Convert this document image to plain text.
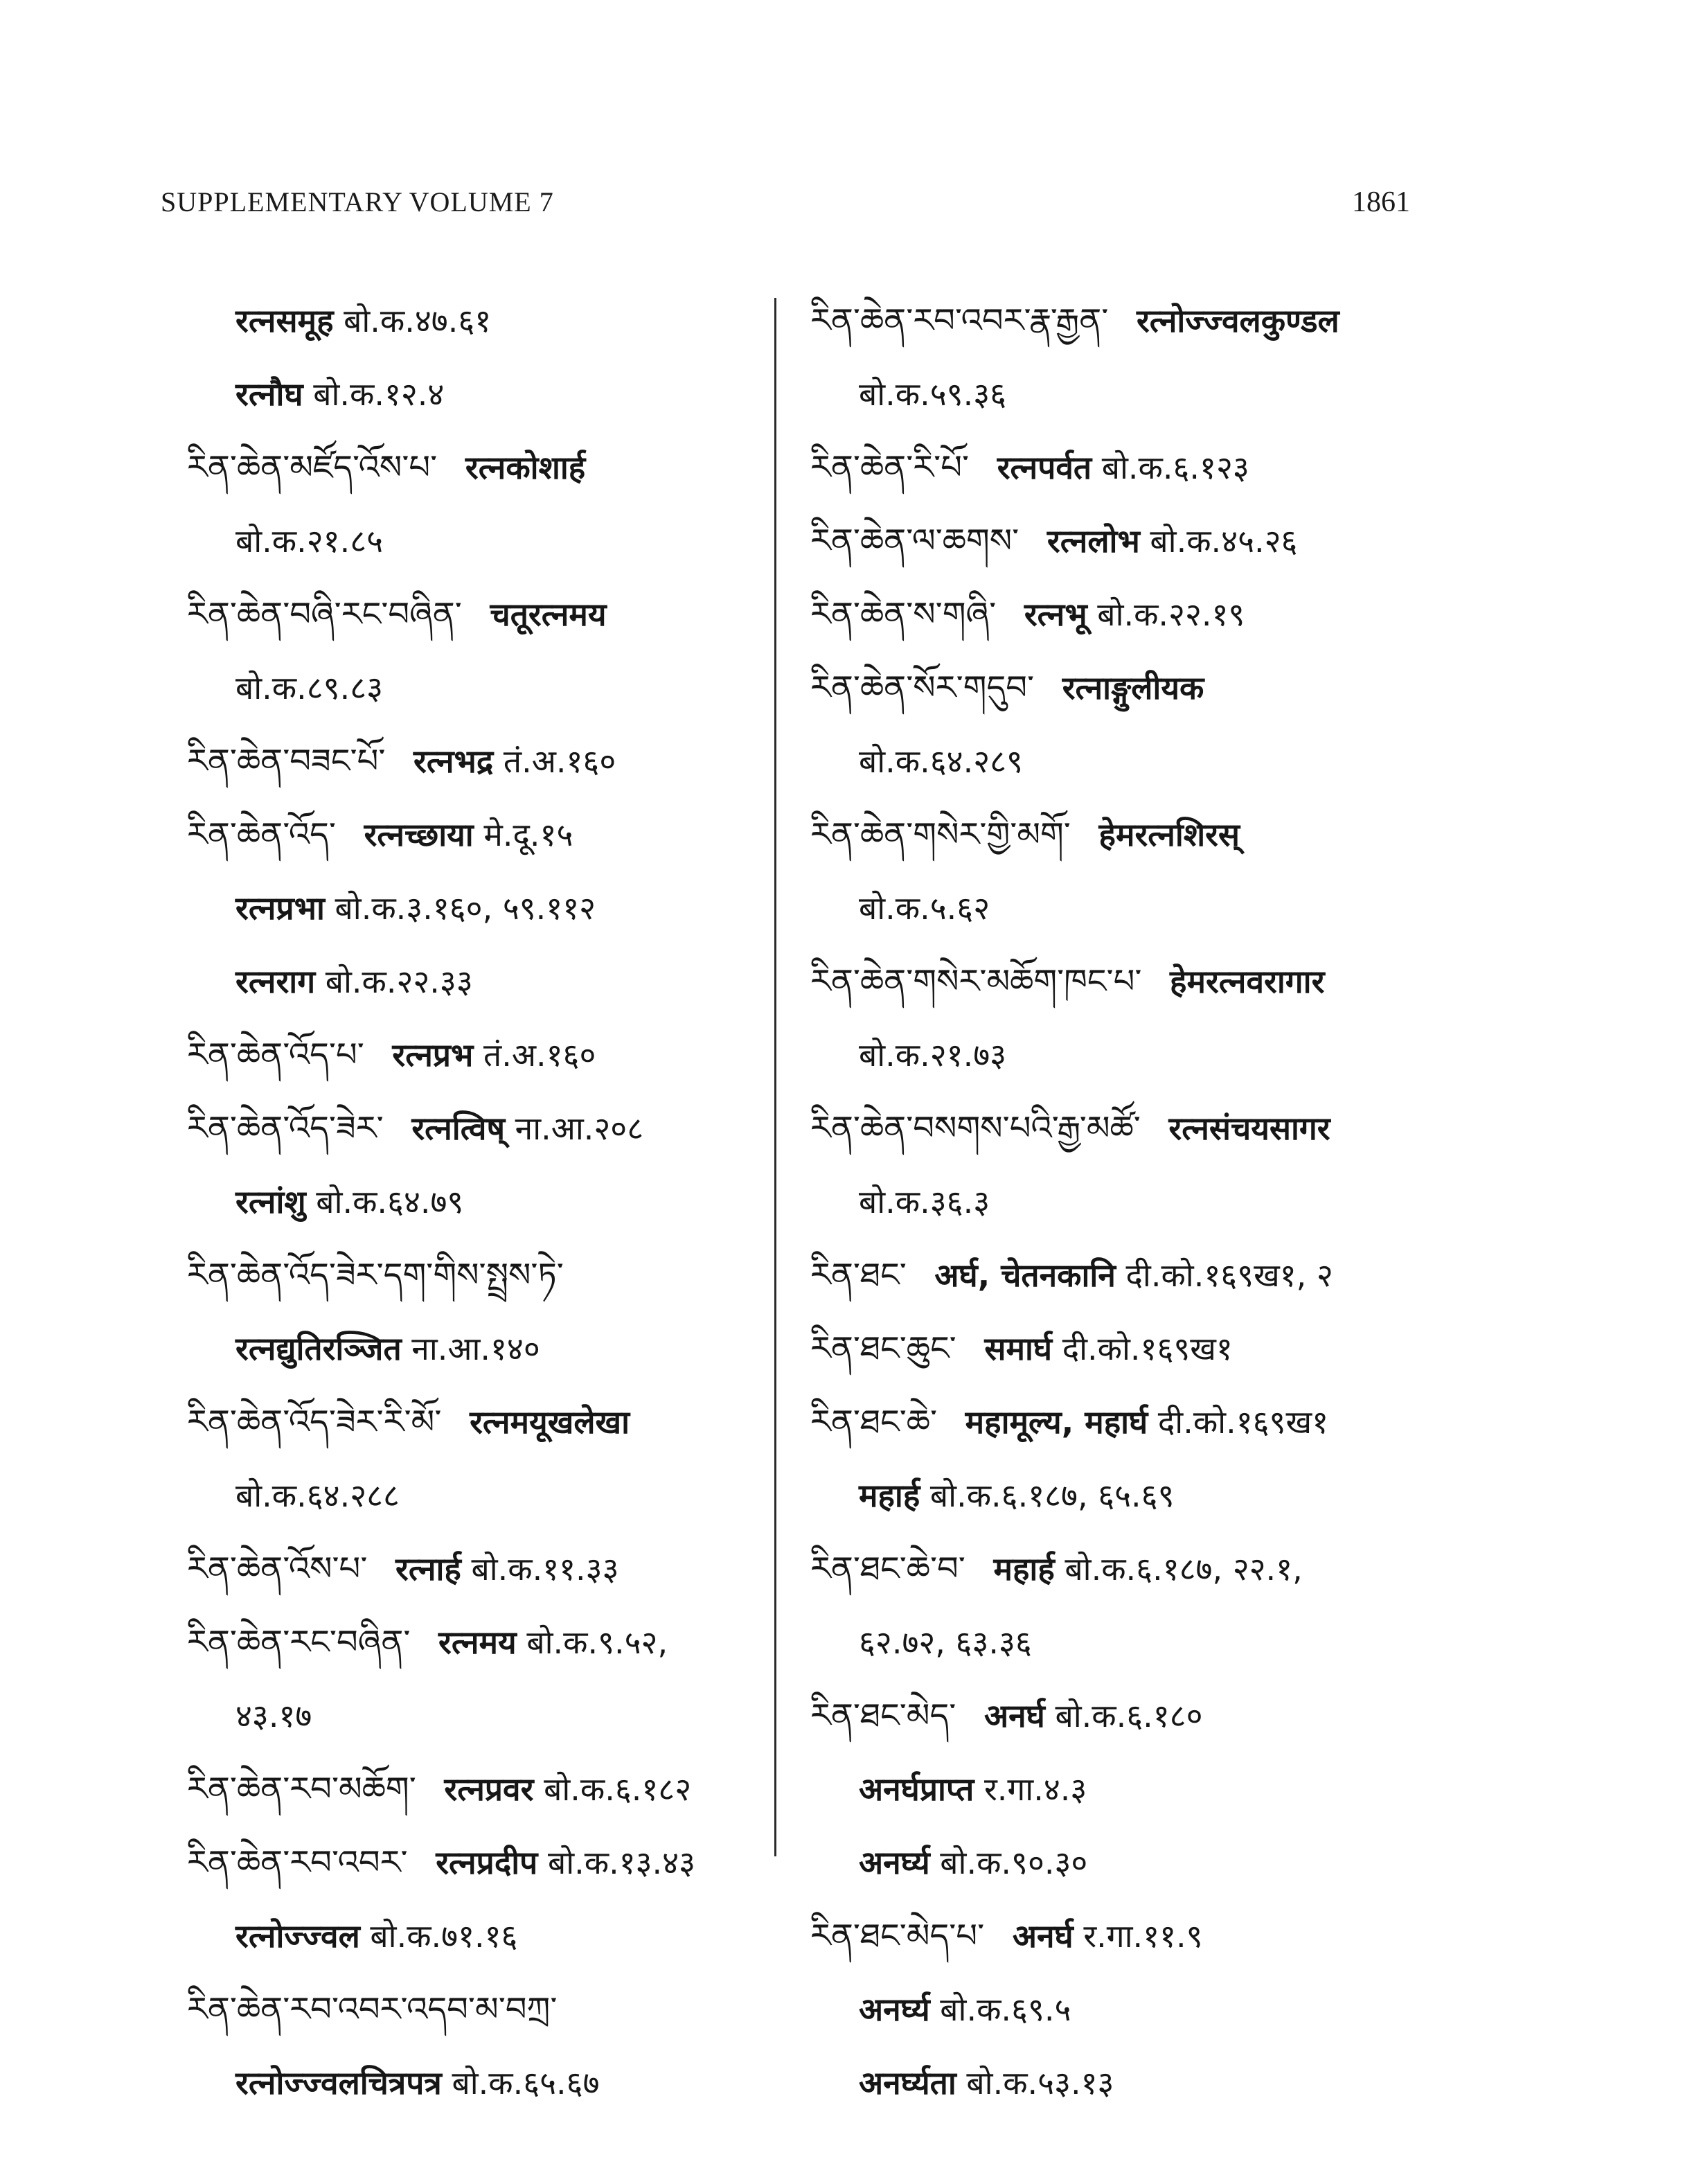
SUPPLEMENTARY VOLUME 7	1861
रत्नसमूह बो.क.४७.६१
रत्नौघ बो.क.१२.४
རིན་ཆེན་མཛོད་འོས་པ་ रत्नकोशार्ह
बो.क.२१.८५
རིན་ཆེན་བཞི་རང་བཞིན་ चतूरत्नमय
बो.क.८९.८३
རིན་ཆེན་བཟང་པོ་ रत्नभद्र तं.अ.१६०
རིན་ཆེན་འོད་ रत्नच्छाया मे.दू.१५
रत्नप्रभा बो.क.३.१६०, ५९.११२
रत्नराग बो.क.२२.३३
རིན་ཆེན་འོད་པ་ रत्नप्रभ तं.अ.१६०
རིན་ཆེན་འོད་ཟེར་ रत्नत्विष् ना.आ.२०८
रत्नांशु बो.क.६४.७९
རིན་ཆེན་འོད་ཟེར་དག་གིས་སྤྲས་ཏེ་
रत्नद्युतिरञ्जित ना.आ.१४०
རིན་ཆེན་འོད་ཟེར་རི་མོ་ रत्नमयूखलेखा
बो.क.६४.२८८
རིན་ཆེན་འོས་པ་ रत्नार्ह बो.क.११.३३
རིན་ཆེན་རང་བཞིན་ रत्नमय बो.क.९.५२,
४३.१७
རིན་ཆེན་རབ་མཆོག་ रत्नप्रवर बो.क.६.१८२
རིན་ཆེན་རབ་འབར་ रत्नप्रदीप बो.क.१३.४३
रत्नोज्ज्वल बो.क.७१.१६
རིན་ཆེན་རབ་འབར་འདབ་མ་བཀྲ་
रत्नोज्ज्वलचित्रपत्र बो.क.६५.६७
རིན་ཆེན་རབ་འབར་རྣ་རྒྱན་ रत्नोज्ज्वलकुण्डल
बो.क.५९.३६
རིན་ཆེན་རི་པོ་ रत्नपर्वत बो.क.६.१२३
རིན་ཆེན་ལ་ཆགས་ रत्नलोभ बो.क.४५.२६
རིན་ཆེན་ས་གཞི་ रत्नभू बो.क.२२.१९
རིན་ཆེན་སོར་གདུབ་ रत्नाङ्गुलीयक
बो.क.६४.२८९
རིན་ཆེན་གསེར་གྱི་མགོ་ हेमरत्नशिरस्
बो.क.५.६२
རིན་ཆེན་གསེར་མཆོག་ཁང་པ་ हेमरत्नवरागार
बो.क.२१.७३
རིན་ཆེན་བསགས་པའི་རྒྱ་མཚོ་ रत्नसंचयसागर
बो.क.३६.३
རིན་ཐང་ अर्घ, चेतनकानि दी.को.१६९ख१, २
རིན་ཐང་ཆུང་ समार्घ दी.को.१६९ख१
རིན་ཐང་ཆེ་ महामूल्य, महार्घ दी.को.१६९ख१
महार्ह बो.क.६.१८७, ६५.६९
རིན་ཐང་ཆེ་བ་ महार्ह बो.क.६.१८७, २२.१,
६२.७२, ६३.३६
རིན་ཐང་མེད་ अनर्घ बो.क.६.१८०
अनर्घप्राप्त र.गा.४.३
अनर्घ्य बो.क.९०.३०
རིན་ཐང་མེད་པ་ अनर्घ र.गा.११.९
अनर्घ्य बो.क.६९.५
अनर्घ्यता बो.क.५३.१३
